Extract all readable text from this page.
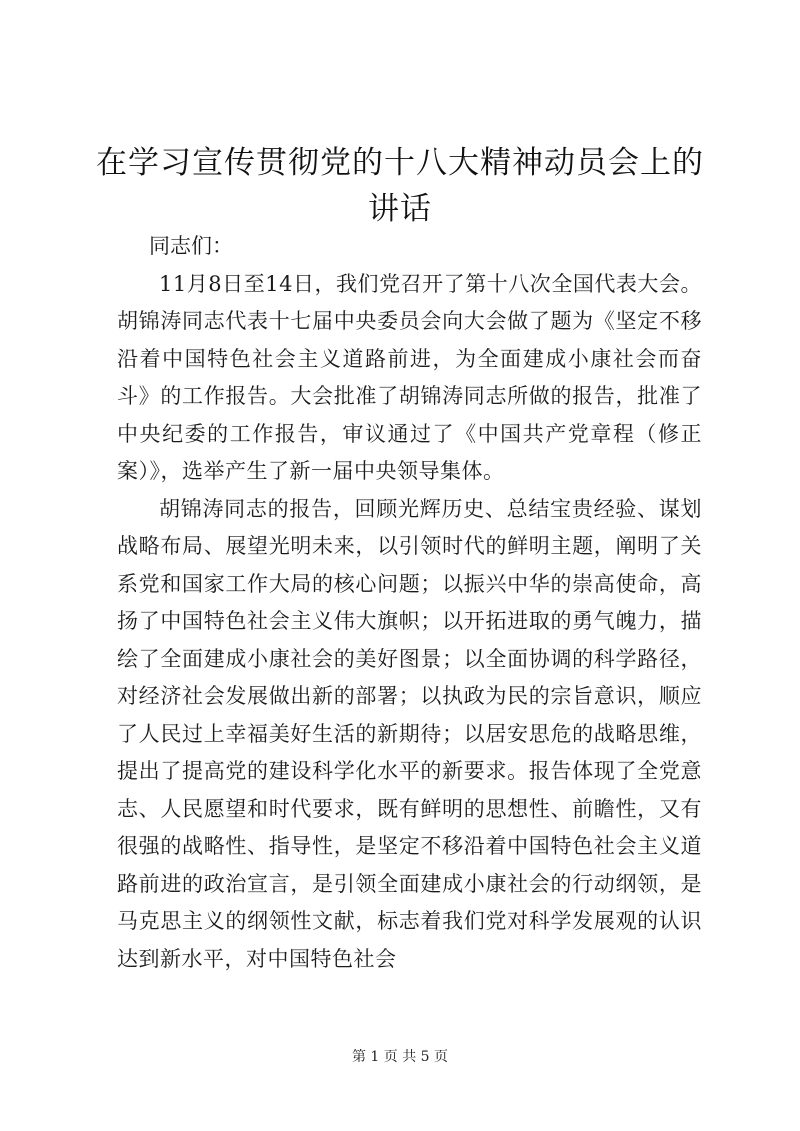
在学习宣传贯彻党的十八大精神动员会上的讲话

同志们：

11月8日至14日，我们党召开了第十八次全国代表大会。胡锦涛同志代表十七届中央委员会向大会做了题为《坚定不移沿着中国特色社会主义道路前进，为全面建成小康社会而奋斗》的工作报告。大会批准了胡锦涛同志所做的报告，批准了中央纪委的工作报告，审议通过了《中国共产党章程（修正案）》，选举产生了新一届中央领导集体。

胡锦涛同志的报告，回顾光辉历史、总结宝贵经验、谋划战略布局、展望光明未来，以引领时代的鲜明主题，阐明了关系党和国家工作大局的核心问题；以振兴中华的崇高使命，高扬了中国特色社会主义伟大旗帜；以开拓进取的勇气魄力，描绘了全面建成小康社会的美好图景；以全面协调的科学路径，对经济社会发展做出新的部署；以执政为民的宗旨意识，顺应了人民过上幸福美好生活的新期待；以居安思危的战略思维，提出了提高党的建设科学化水平的新要求。报告体现了全党意志、人民愿望和时代要求，既有鲜明的思想性、前瞻性，又有很强的战略性、指导性，是坚定不移沿着中国特色社会主义道路前进的政治宣言，是引领全面建成小康社会的行动纲领，是马克思主义的纲领性文献，标志着我们党对科学发展观的认识达到新水平，对中国特色社会

第 1 页 共 5 页
